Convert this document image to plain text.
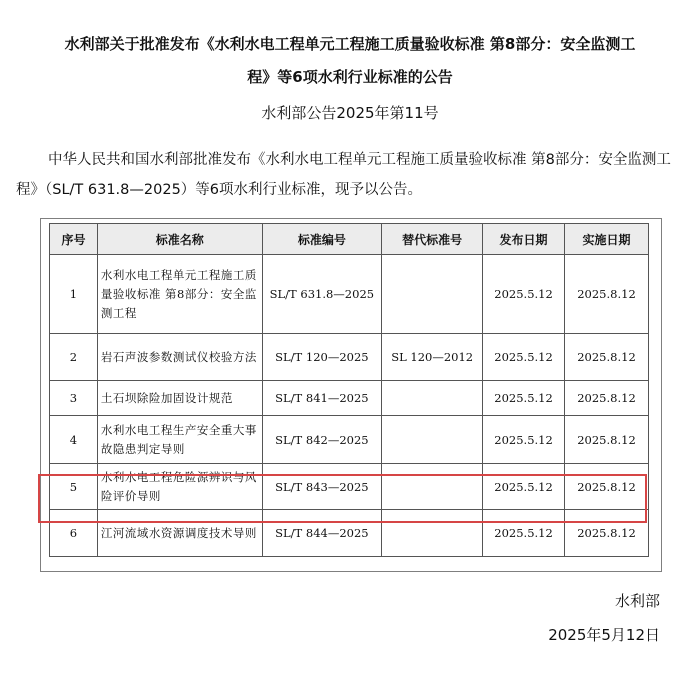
水利部关于批准发布《水利水电工程单元工程施工质量验收标准 第8部分：安全监测工
程》等6项水利行业标准的公告
水利部公告2025年第11号
中华人民共和国水利部批准发布《水利水电工程单元工程施工质量验收标准 第8部分：安全监测工程》（SL/T 631.8—2025）等6项水利行业标准，现予以公告。
序号	标准名称	标准编号	替代标准号	发布日期	实施日期
1	水利水电工程单元工程施工质量验收标准 第8部分：安全监测工程	SL/T 631.8—2025		2025.5.12	2025.8.12
2	岩石声波参数测试仪校验方法	SL/T 120—2025	SL 120—2012	2025.5.12	2025.8.12
3	土石坝除险加固设计规范	SL/T 841—2025		2025.5.12	2025.8.12
4	水利水电工程生产安全重大事故隐患判定导则	SL/T 842—2025		2025.5.12	2025.8.12
5	水利水电工程危险源辨识与风险评价导则	SL/T 843—2025		2025.5.12	2025.8.12
6	江河流域水资源调度技术导则	SL/T 844—2025		2025.5.12	2025.8.12
水利部
2025年5月12日
